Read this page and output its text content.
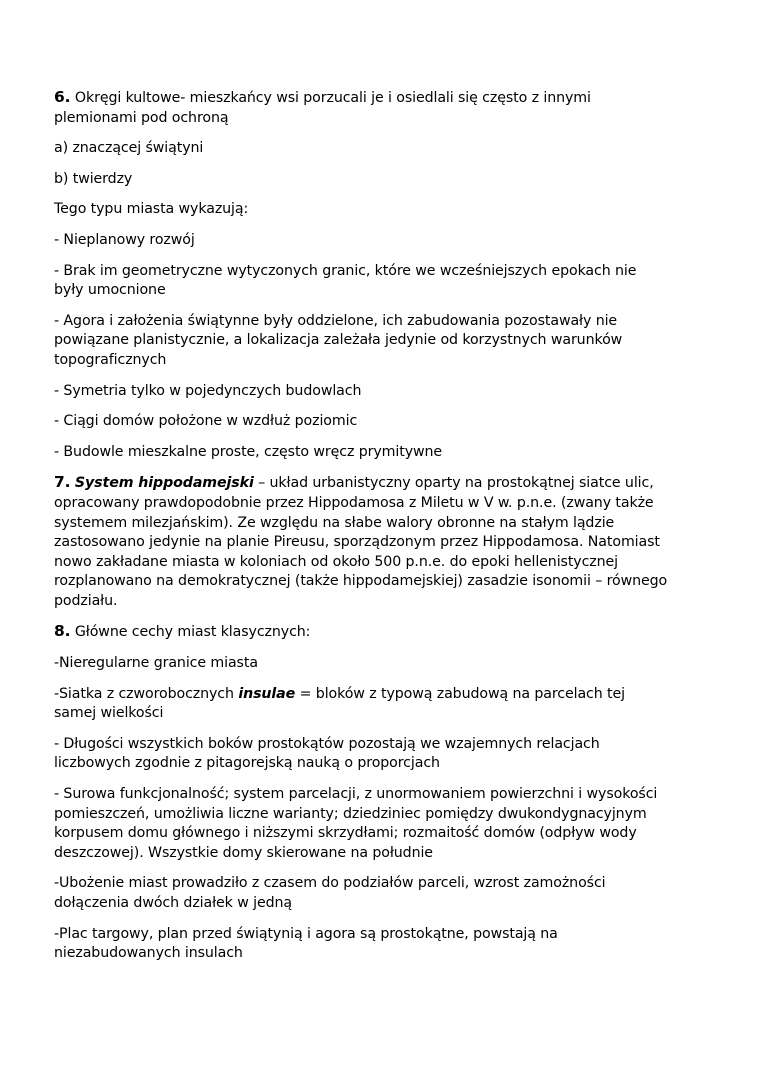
6. Okręgi kultowe- mieszkańcy wsi porzucali je i osiedlali się często z innymi plemionami pod ochroną

a) znaczącej świątyni

b) twierdzy

Tego typu miasta wykazują:

- Nieplanowy rozwój

- Brak im geometryczne wytyczonych granic, które we wcześniejszych epokach nie były umocnione

- Agora i założenia świątynne były oddzielone, ich zabudowania pozostawały nie powiązane planistycznie, a lokalizacja zależała jedynie od korzystnych warunków topograficznych

- Symetria tylko w pojedynczych budowlach

- Ciągi domów położone w wzdłuż poziomic

- Budowle mieszkalne proste, często wręcz prymitywne

7. System hippodamejski – układ urbanistyczny oparty na prostokątnej siatce ulic, opracowany prawdopodobnie przez Hippodamosa z Miletu w V w. p.n.e. (zwany także systemem milezjańskim). Ze względu na słabe walory obronne na stałym lądzie zastosowano jedynie na planie Pireusu, sporządzonym przez Hippodamosa. Natomiast nowo zakładane miasta w koloniach od około 500 p.n.e. do epoki hellenistycznej rozplanowano na demokratycznej (także hippodamejskiej) zasadzie isonomii – równego podziału.

8. Główne cechy miast klasycznych:

-Nieregularne granice miasta

-Siatka z czworobocznych insulae = bloków z typową zabudową na parcelach tej samej wielkości

- Długości wszystkich boków prostokątów pozostają we wzajemnych relacjach liczbowych zgodnie z pitagorejską nauką o proporcjach

- Surowa funkcjonalność; system parcelacji, z unormowaniem powierzchni i wysokości pomieszczeń, umożliwia liczne warianty; dziedziniec pomiędzy dwukondygnacyjnym korpusem domu głównego i niższymi skrzydłami; rozmaitość domów (odpływ wody deszczowej). Wszystkie domy skierowane na południe

-Ubożenie miast prowadziło z czasem do podziałów parceli, wzrost zamożności dołączenia dwóch działek w jedną

-Plac targowy, plan przed świątynią i agora są prostokątne, powstają na niezabudowanych insulach
